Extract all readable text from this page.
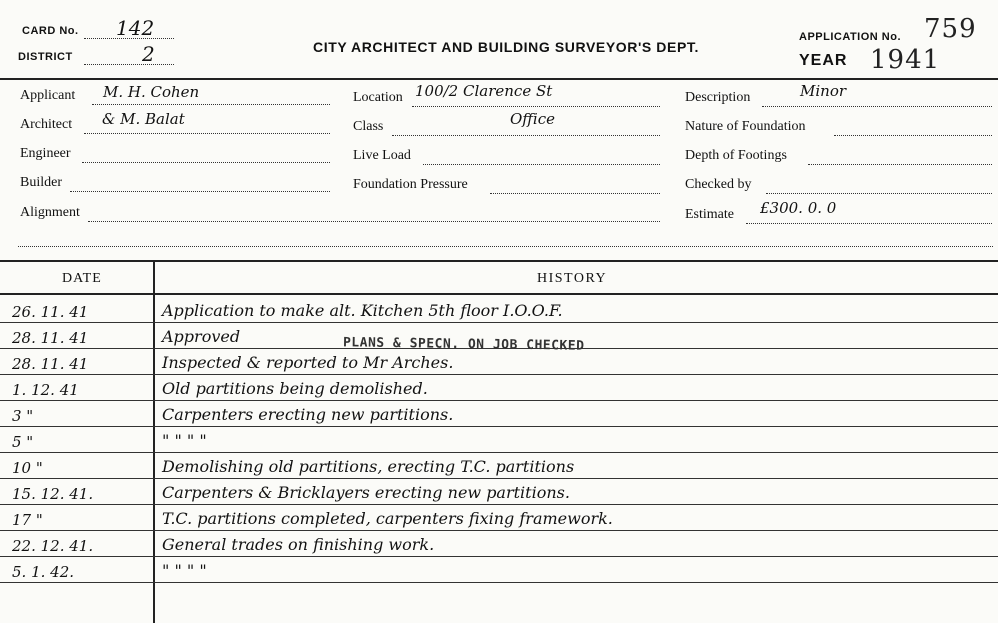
CARD No. 142
DISTRICT	2	CITY ARCHITECT AND BUILDING SURVEYOR'S DEPT.
APPLICATION No. 759
YEAR 1941
Applicant M. H. Cohen
Architect & M. Balat
Engineer
Builder
Alignment
Location 100/2 Clarence St
Class	Office
Live Load
Foundation Pressure
Description	Minor
Nature of Foundation
Depth of Footings
Checked by
Estimate £300. 0. 0
DATE	HISTORY
26. 11. 41	Application to make alt. Kitchen 5th floor I.O.O.F.
28. 11. 41	Approved
28. 11. 41	Inspected & reported to Mr Arches.
1. 12. 41	Old partitions being demolished.
3 "	Carpenters erecting new partitions.
5 "	" " " "
10 "	Demolishing old partitions, erecting T.C. partitions
15. 12. 41.	Carpenters & Bricklayers erecting new partitions.
17 "	T.C. partitions completed, carpenters fixing framework.
22. 12. 41.	General trades on finishing work.
5. 1. 42.	" " " "
PLANS & SPECN. ON JOB CHECKED
